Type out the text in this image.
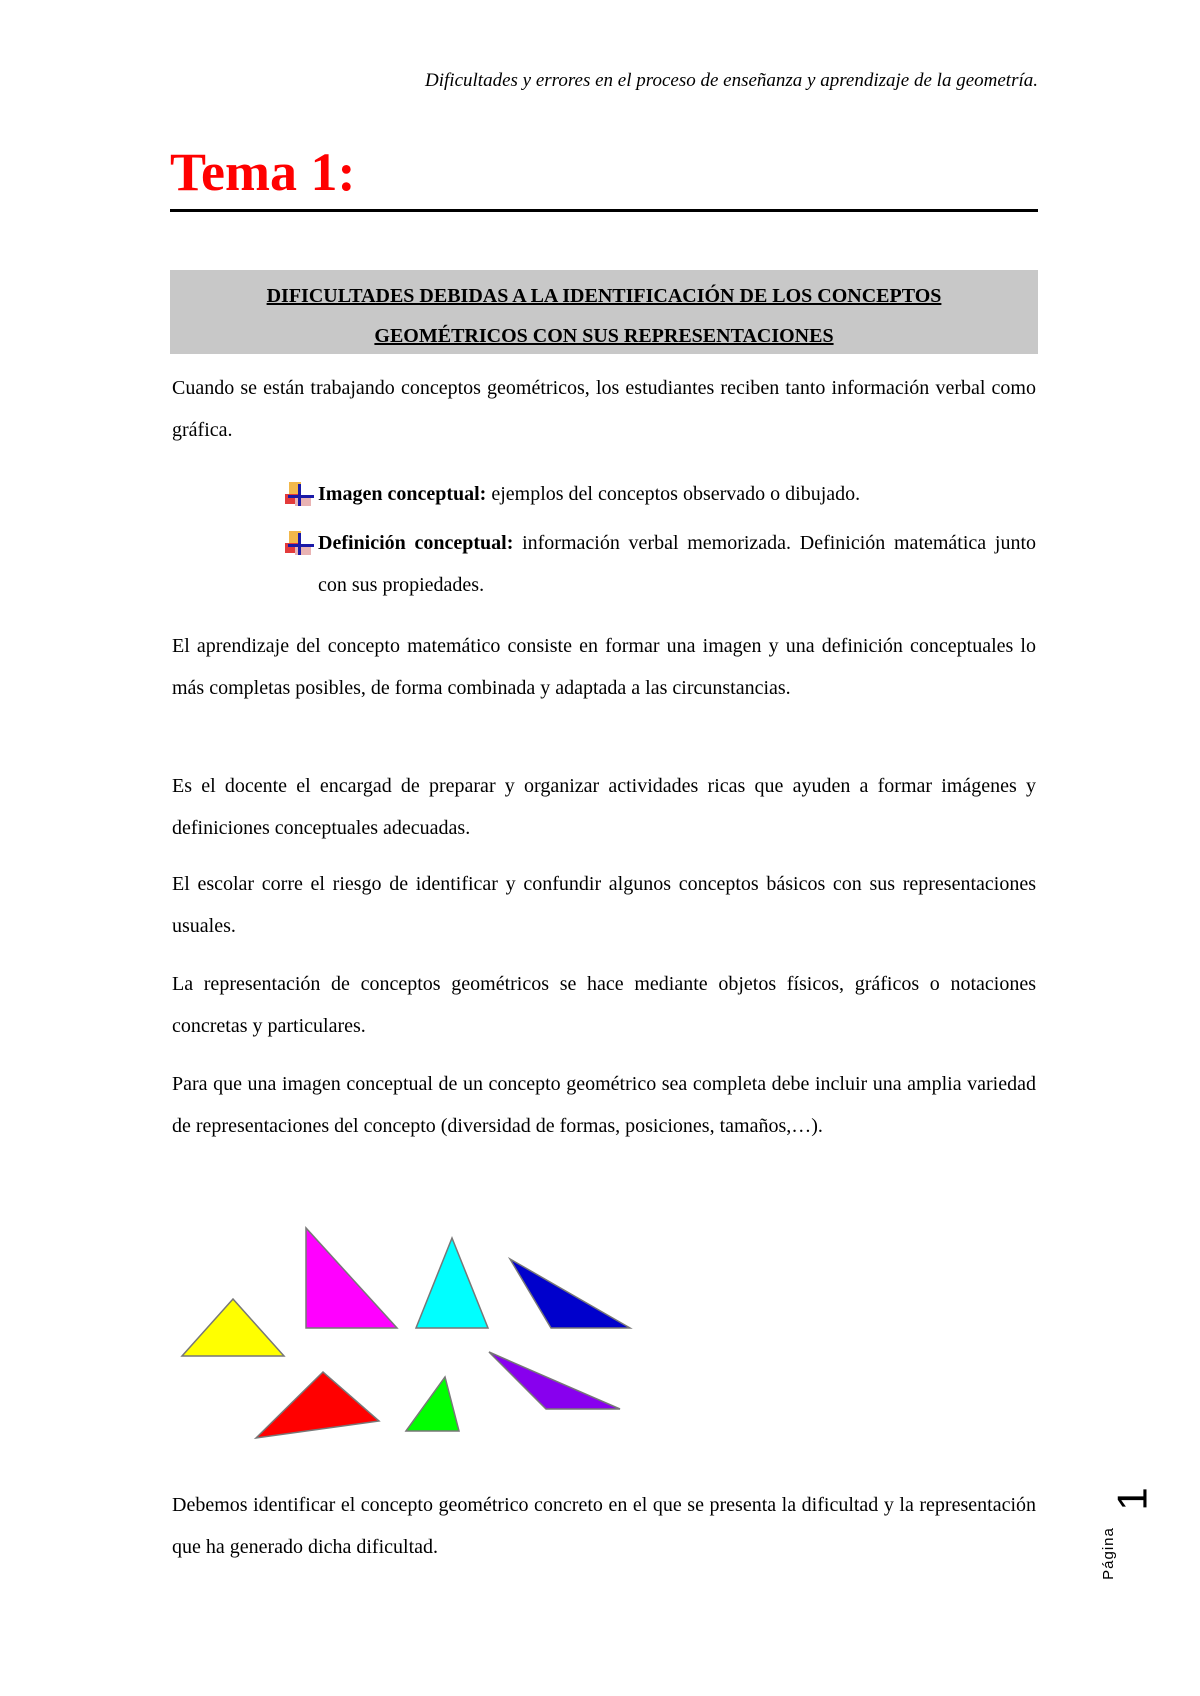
Dificultades y errores en el proceso de enseñanza y aprendizaje de la geometría.
Tema 1:
DIFICULTADES DEBIDAS A LA IDENTIFICACIÓN DE LOS CONCEPTOS
GEOMÉTRICOS CON SUS REPRESENTACIONES
Cuando se están trabajando conceptos geométricos, los estudiantes reciben tanto información verbal como gráfica.
Imagen conceptual: ejemplos del conceptos observado o dibujado.
Definición conceptual: información verbal memorizada. Definición matemática junto con sus propiedades.
El aprendizaje del concepto matemático consiste en formar una imagen y una definición conceptuales lo más completas posibles, de forma combinada y adaptada a las circunstancias.
Es el docente el encargad de preparar y organizar actividades ricas que ayuden a formar imágenes y definiciones conceptuales adecuadas.
El escolar corre el riesgo de identificar y confundir algunos conceptos básicos con sus representaciones usuales.
La representación de conceptos geométricos se hace mediante objetos físicos, gráficos o notaciones concretas y particulares.
Para que una imagen conceptual de un concepto geométrico sea completa debe incluir una amplia variedad de representaciones del concepto (diversidad de formas, posiciones, tamaños,…).
Debemos identificar el concepto geométrico concreto en el que se presenta la dificultad y la representación que ha generado dicha dificultad.	Página
1
